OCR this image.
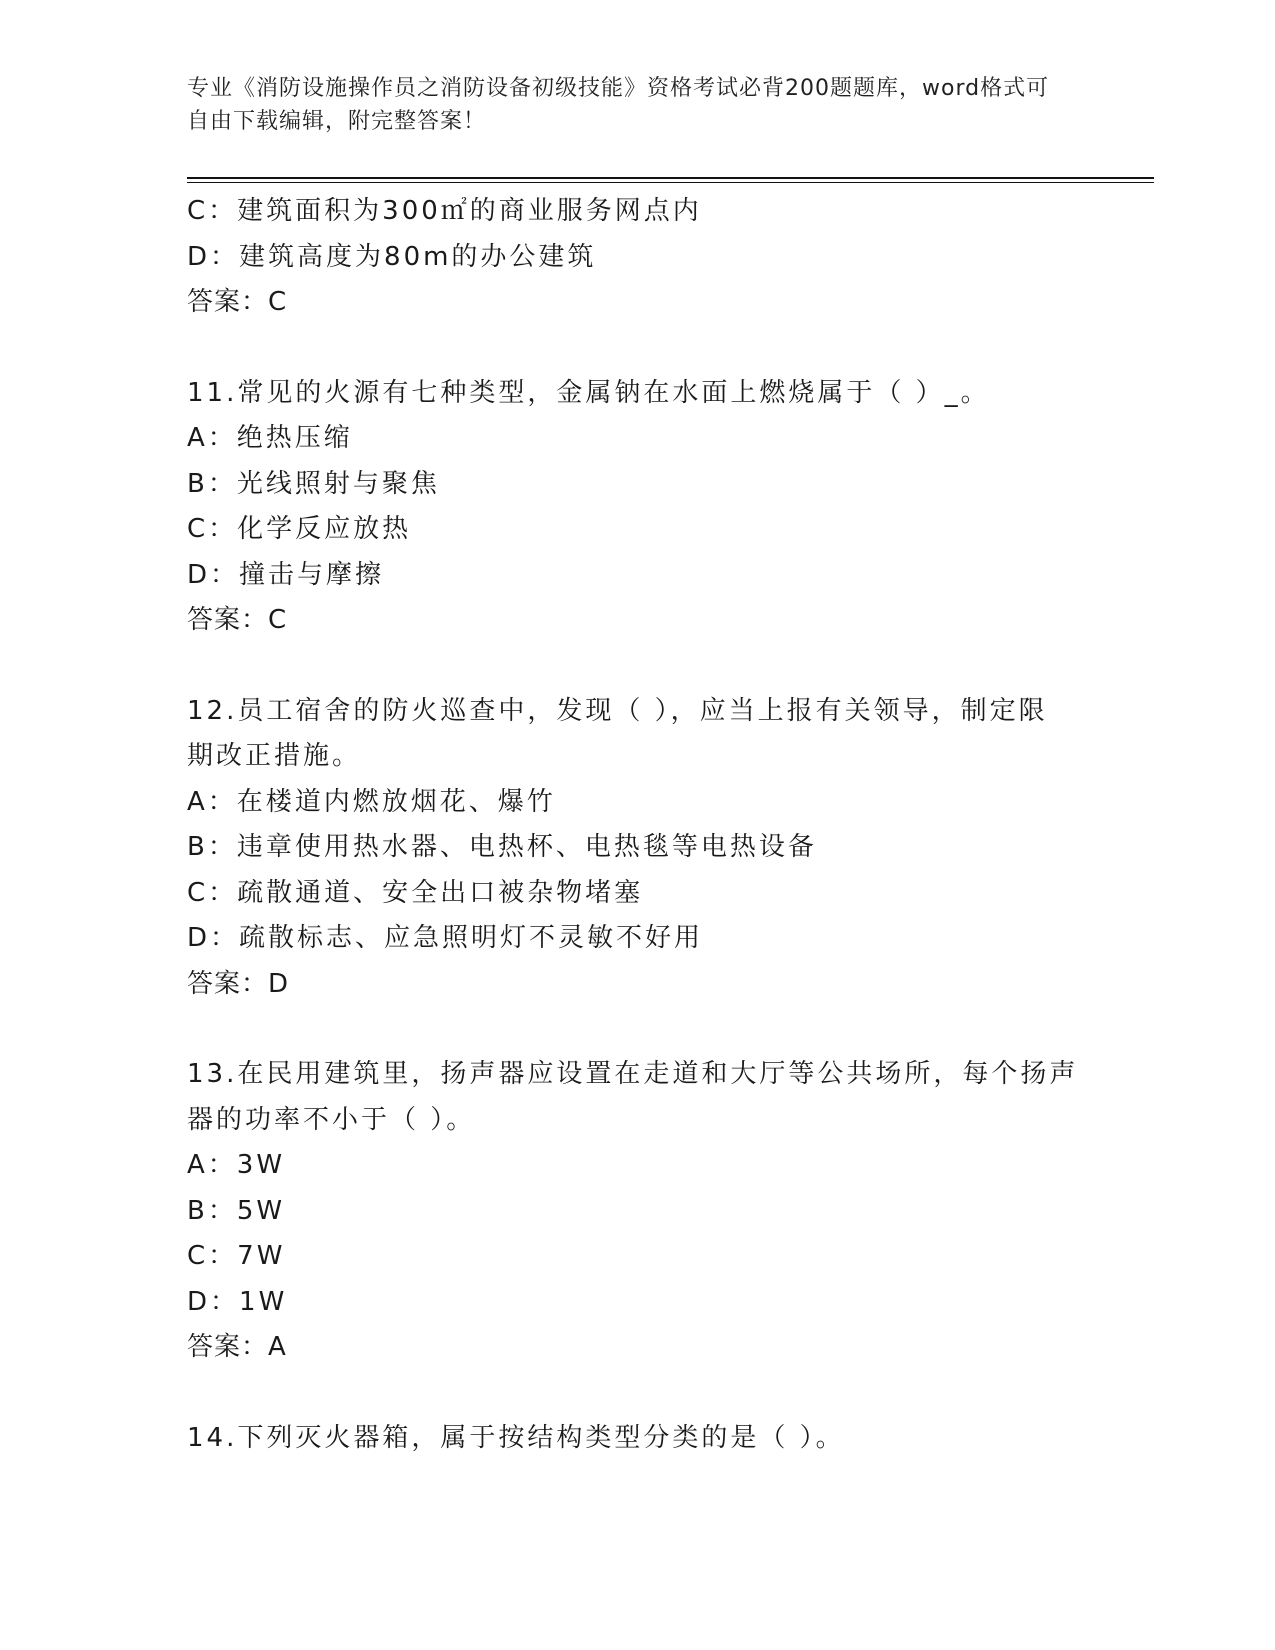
专业《消防设施操作员之消防设备初级技能》资格考试必背200题题库，word格式可自由下载编辑，附完整答案！
C：建筑面积为300㎡的商业服务网点内
D：建筑高度为80m的办公建筑
答案：C
11.常见的火源有七种类型，金属钠在水面上燃烧属于（ ）_。
A：绝热压缩
B：光线照射与聚焦
C：化学反应放热
D：撞击与摩擦
答案：C
12.员工宿舍的防火巡查中，发现（ ），应当上报有关领导，制定限
期改正措施。
A：在楼道内燃放烟花、爆竹
B：违章使用热水器、电热杯、电热毯等电热设备
C：疏散通道、安全出口被杂物堵塞
D：疏散标志、应急照明灯不灵敏不好用
答案：D
13.在民用建筑里，扬声器应设置在走道和大厅等公共场所，每个扬声
器的功率不小于（ ）。
A：3W
B：5W
C：7W
D：1W
答案：A
14.下列灭火器箱，属于按结构类型分类的是（ ）。
